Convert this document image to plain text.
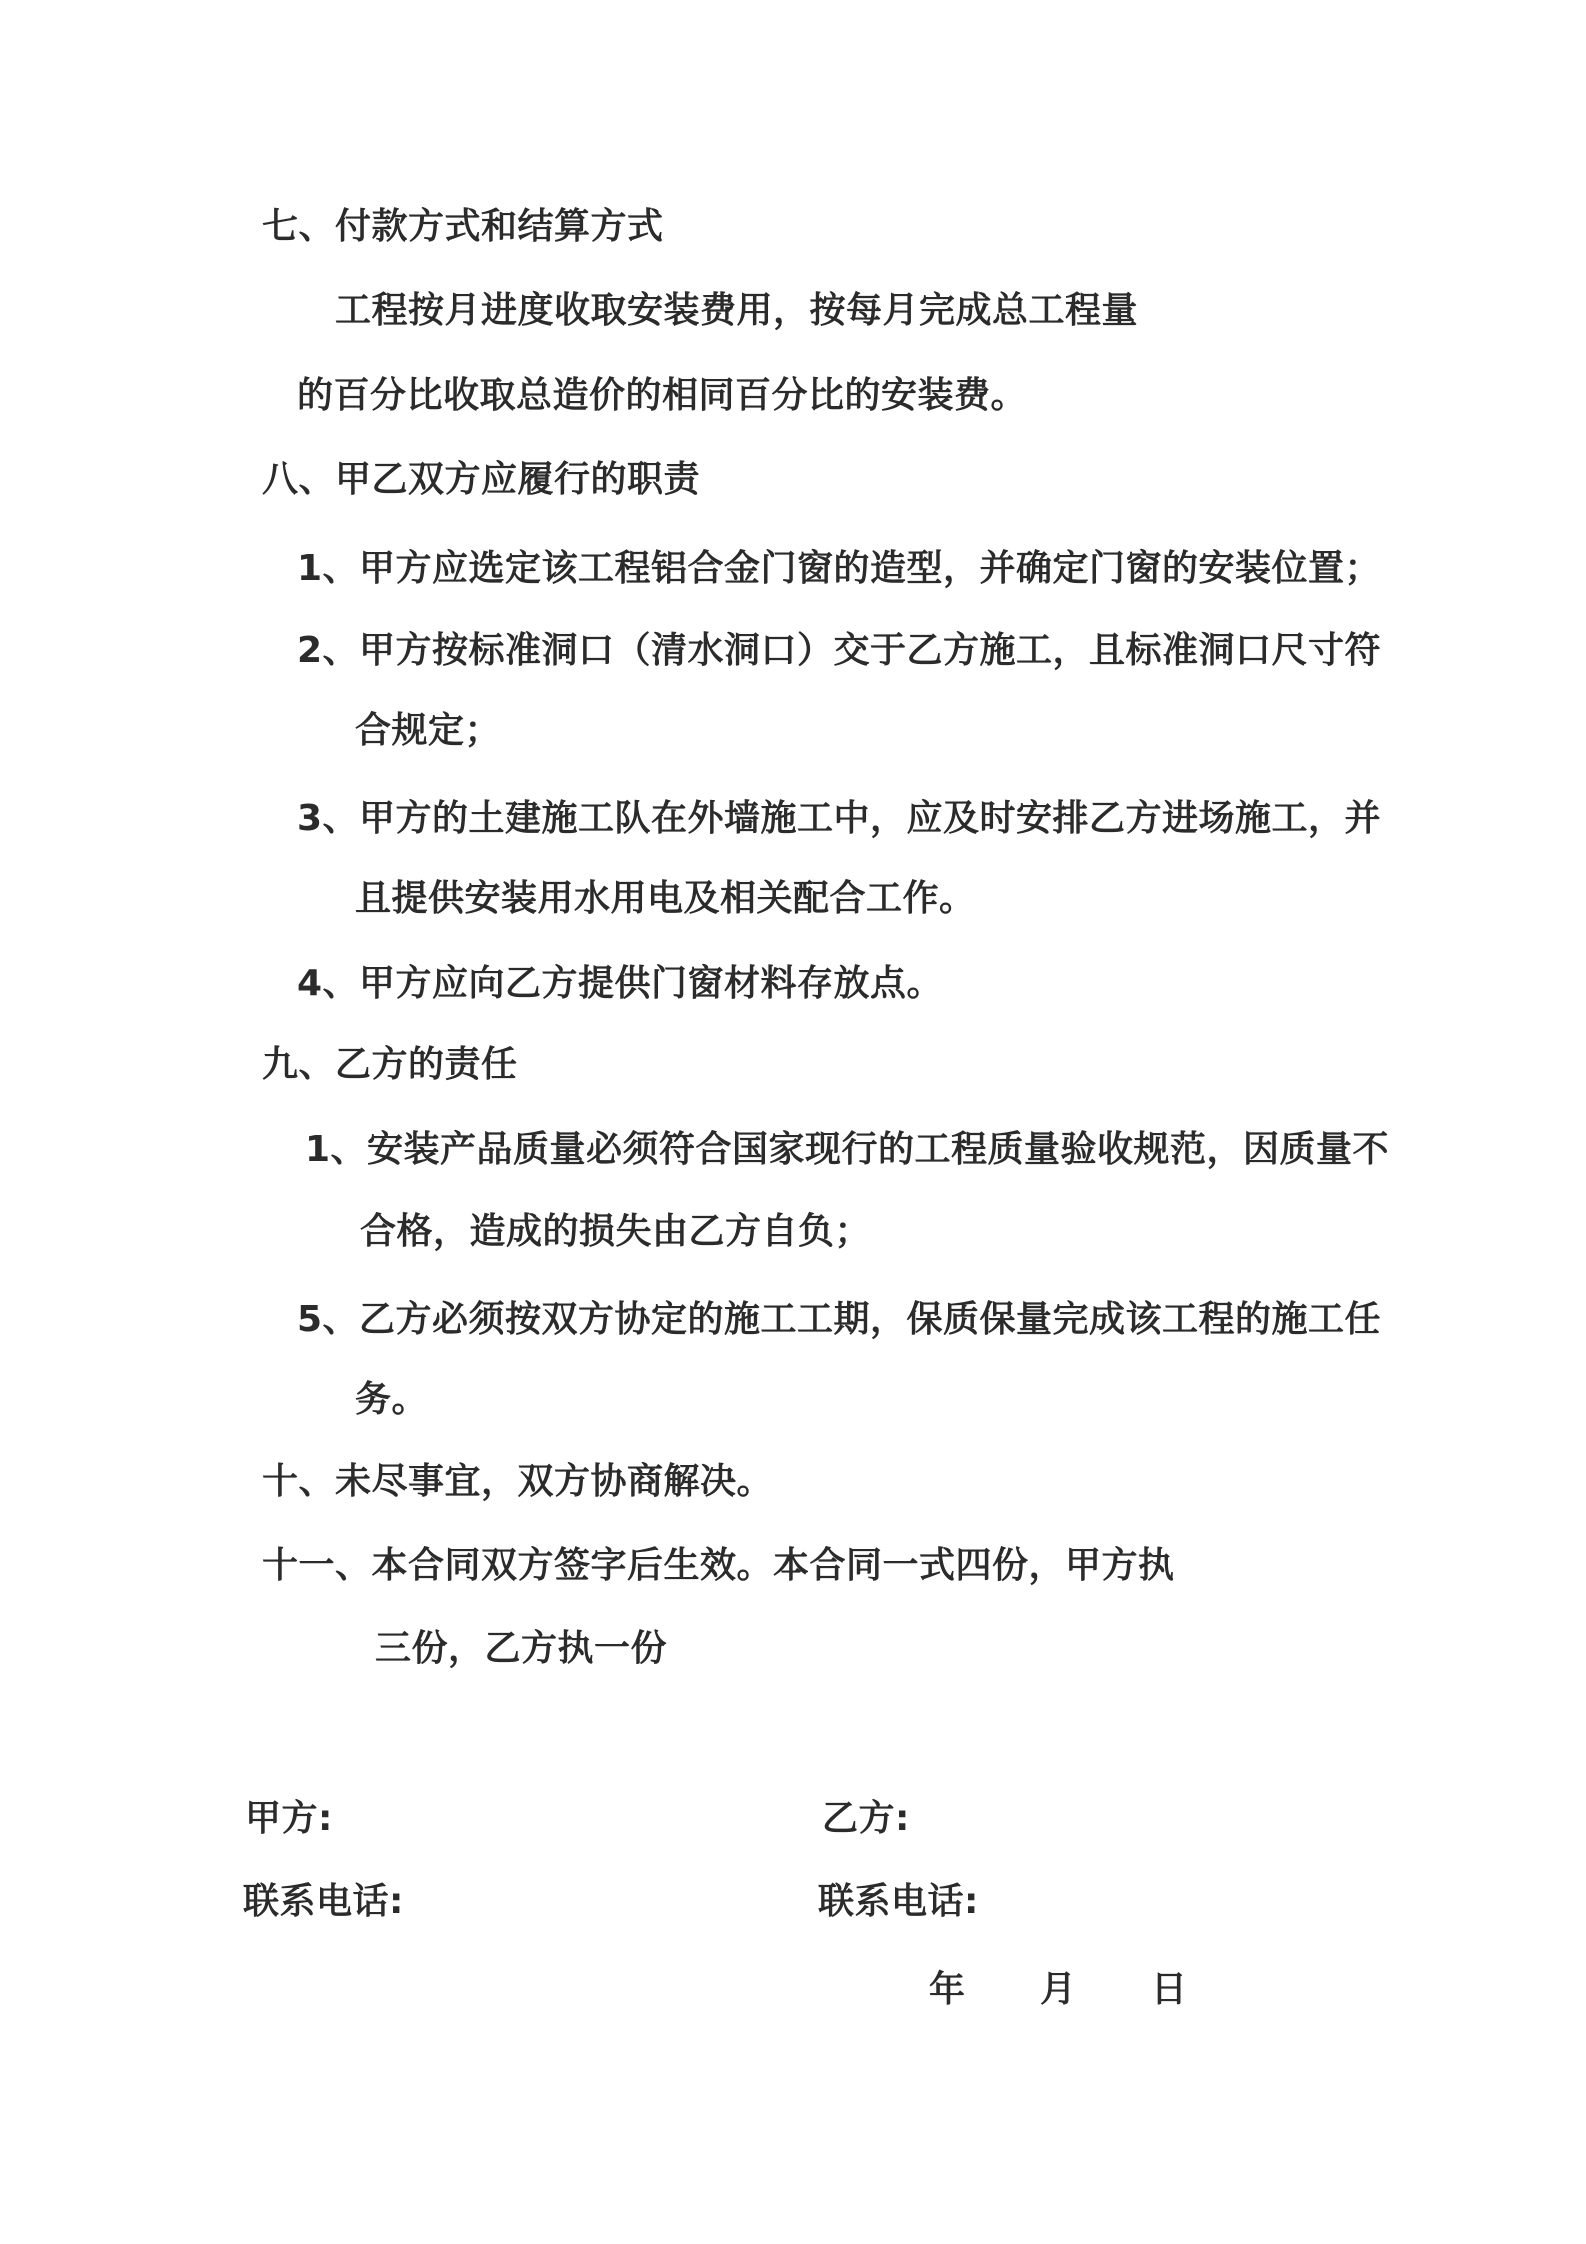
七、付款方式和结算方式
工程按月进度收取安装费用，按每月完成总工程量
的百分比收取总造价的相同百分比的安装费。
八、甲乙双方应履行的职责
1、甲方应选定该工程铝合金门窗的造型，并确定门窗的安装位置；
2、甲方按标准洞口（清水洞口）交于乙方施工，且标准洞口尺寸符
合规定；
3、甲方的土建施工队在外墙施工中，应及时安排乙方进场施工，并
且提供安装用水用电及相关配合工作。
4、甲方应向乙方提供门窗材料存放点。
九、乙方的责任
1、安装产品质量必须符合国家现行的工程质量验收规范，因质量不
合格，造成的损失由乙方自负；
5、乙方必须按双方协定的施工工期，保质保量完成该工程的施工任
务。
十、未尽事宜，双方协商解决。
十一、本合同双方签字后生效。本合同一式四份，甲方执
三份，乙方执一份
甲方:	乙方:
联系电话:	联系电话:
年 月 日
